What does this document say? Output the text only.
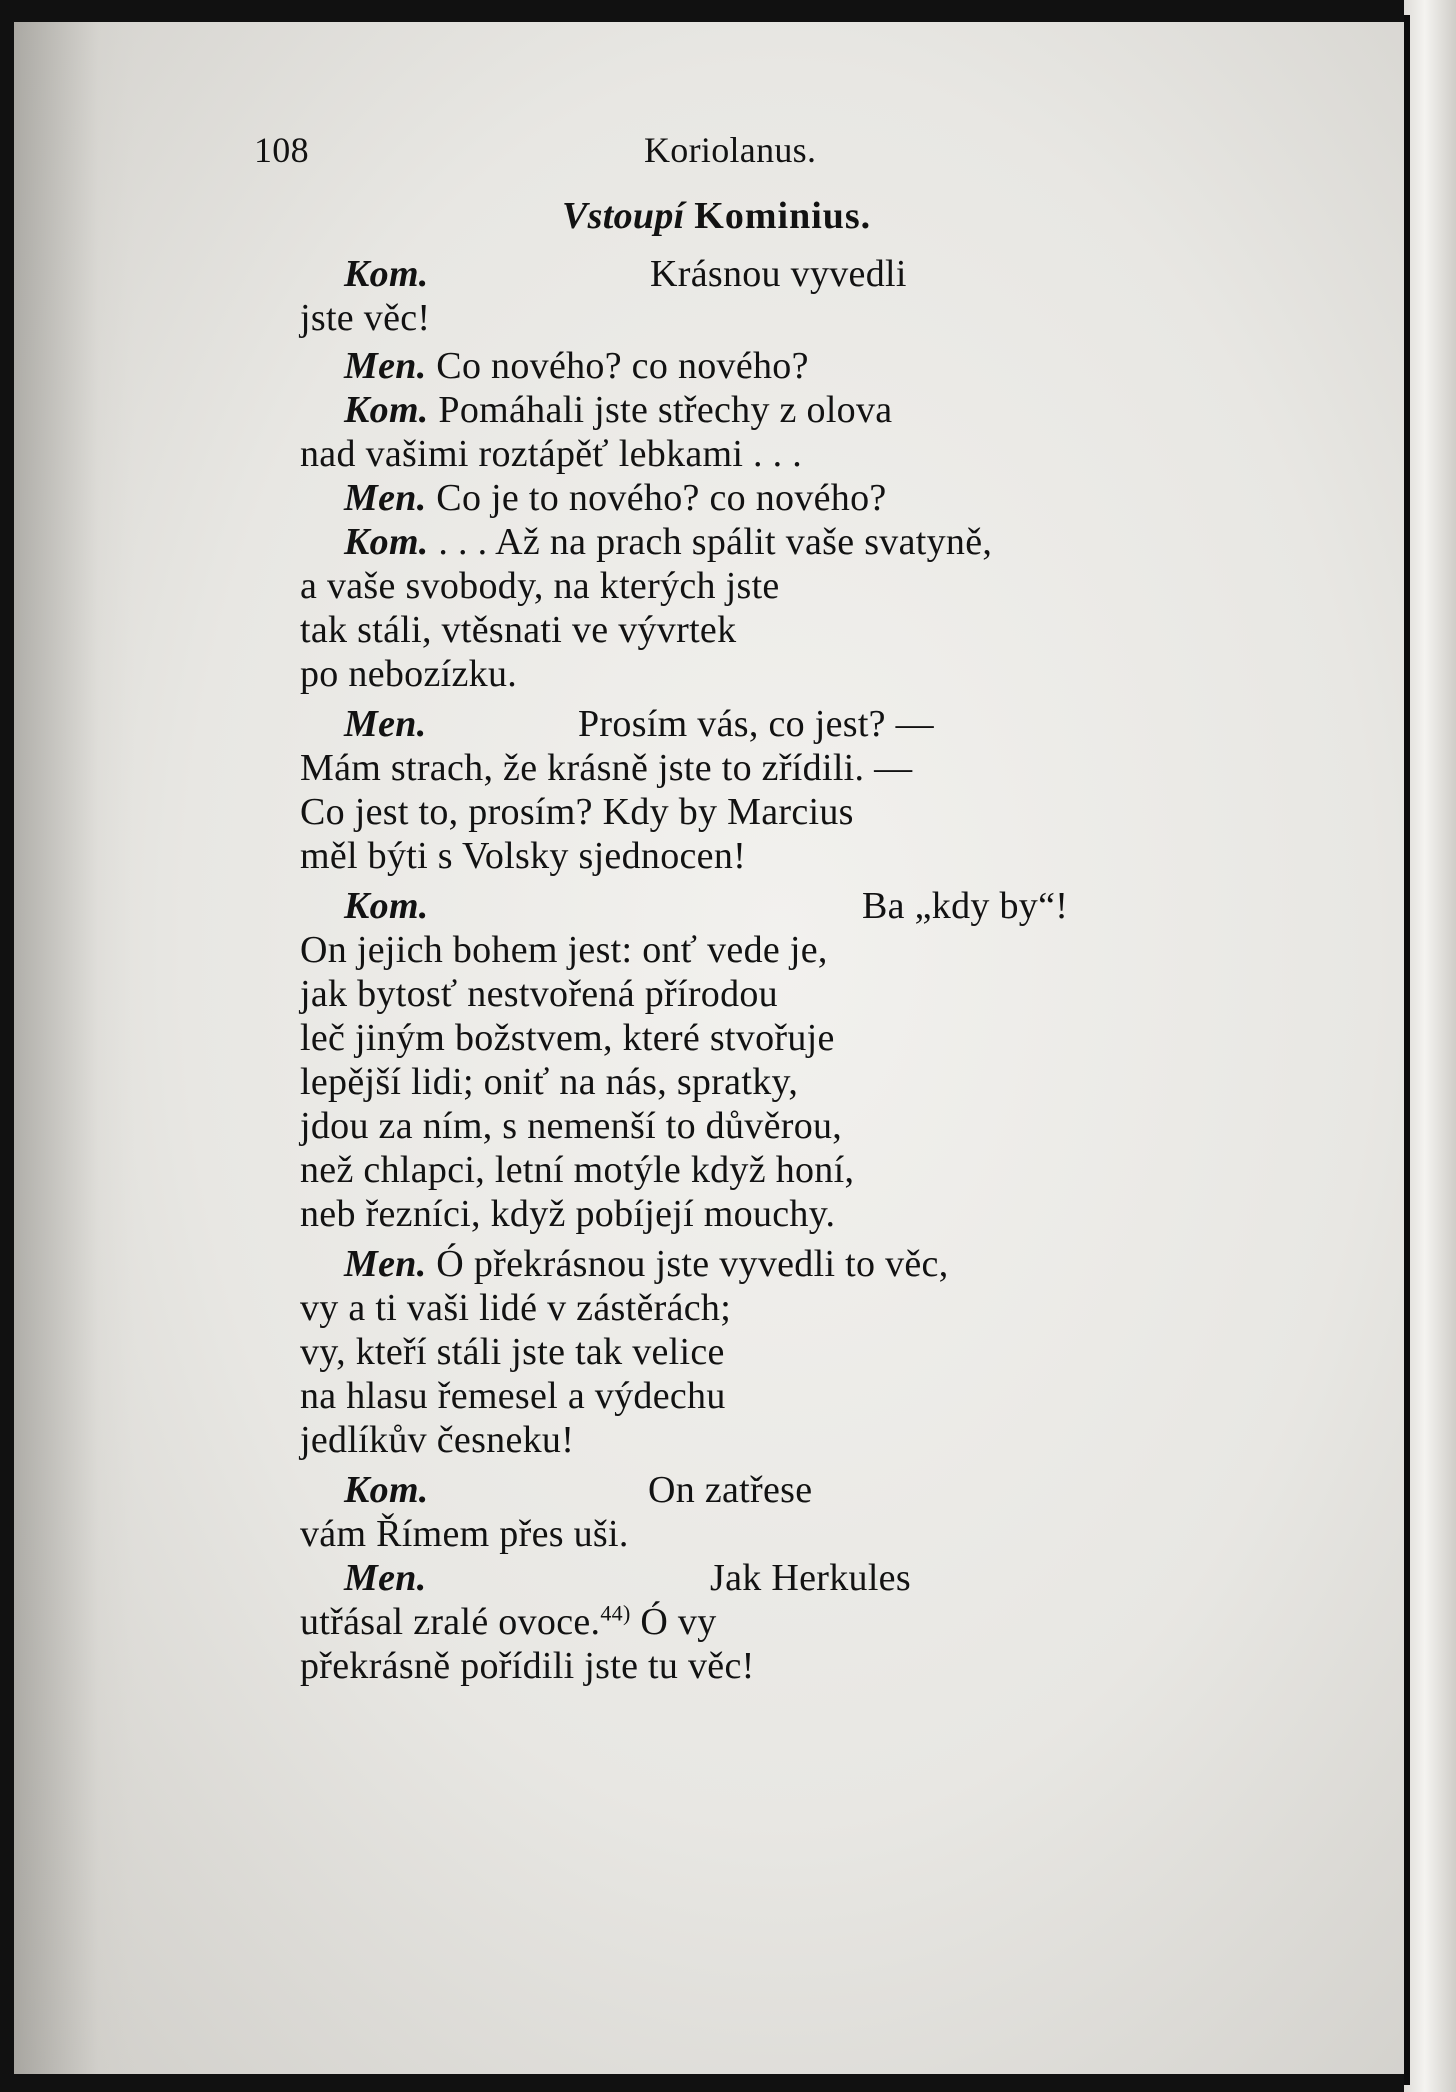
108	Koriolanus.
Vstoupí Kominius.
Kom.	Krásnou vyvedli
jste věc!
Men. Co nového? co nového?
Kom. Pomáhali jste střechy z olova
nad vašimi roztápěť lebkami . . .
Men. Co je to nového? co nového?
Kom. . . . Až na prach spálit vaše svatyně,
a vaše svobody, na kterých jste
tak stáli, vtěsnati ve vývrtek
po nebozízku.
Men.	Prosím vás, co jest? —
Mám strach, že krásně jste to zřídili. —
Co jest to, prosím? Kdy by Marcius
měl býti s Volsky sjednocen!
Kom.	Ba „kdy by“!
On jejich bohem jest: onť vede je,
jak bytosť nestvořená přírodou
leč jiným božstvem, které stvořuje
lepější lidi; oniť na nás, spratky,
jdou za ním, s nemenší to důvěrou,
než chlapci, letní motýle když honí,
neb řezníci, když pobíjejí mouchy.
Men. Ó překrásnou jste vyvedli to věc,
vy a ti vaši lidé v zástěrách;
vy, kteří stáli jste tak velice
na hlasu řemesel a výdechu
jedlíkův česneku!
Kom.	On zatřese
vám Římem přes uši.
Men.	Jak Herkules
utřásal zralé ovoce.$^{44)}$ Ó vy
překrásně pořídili jste tu věc!
